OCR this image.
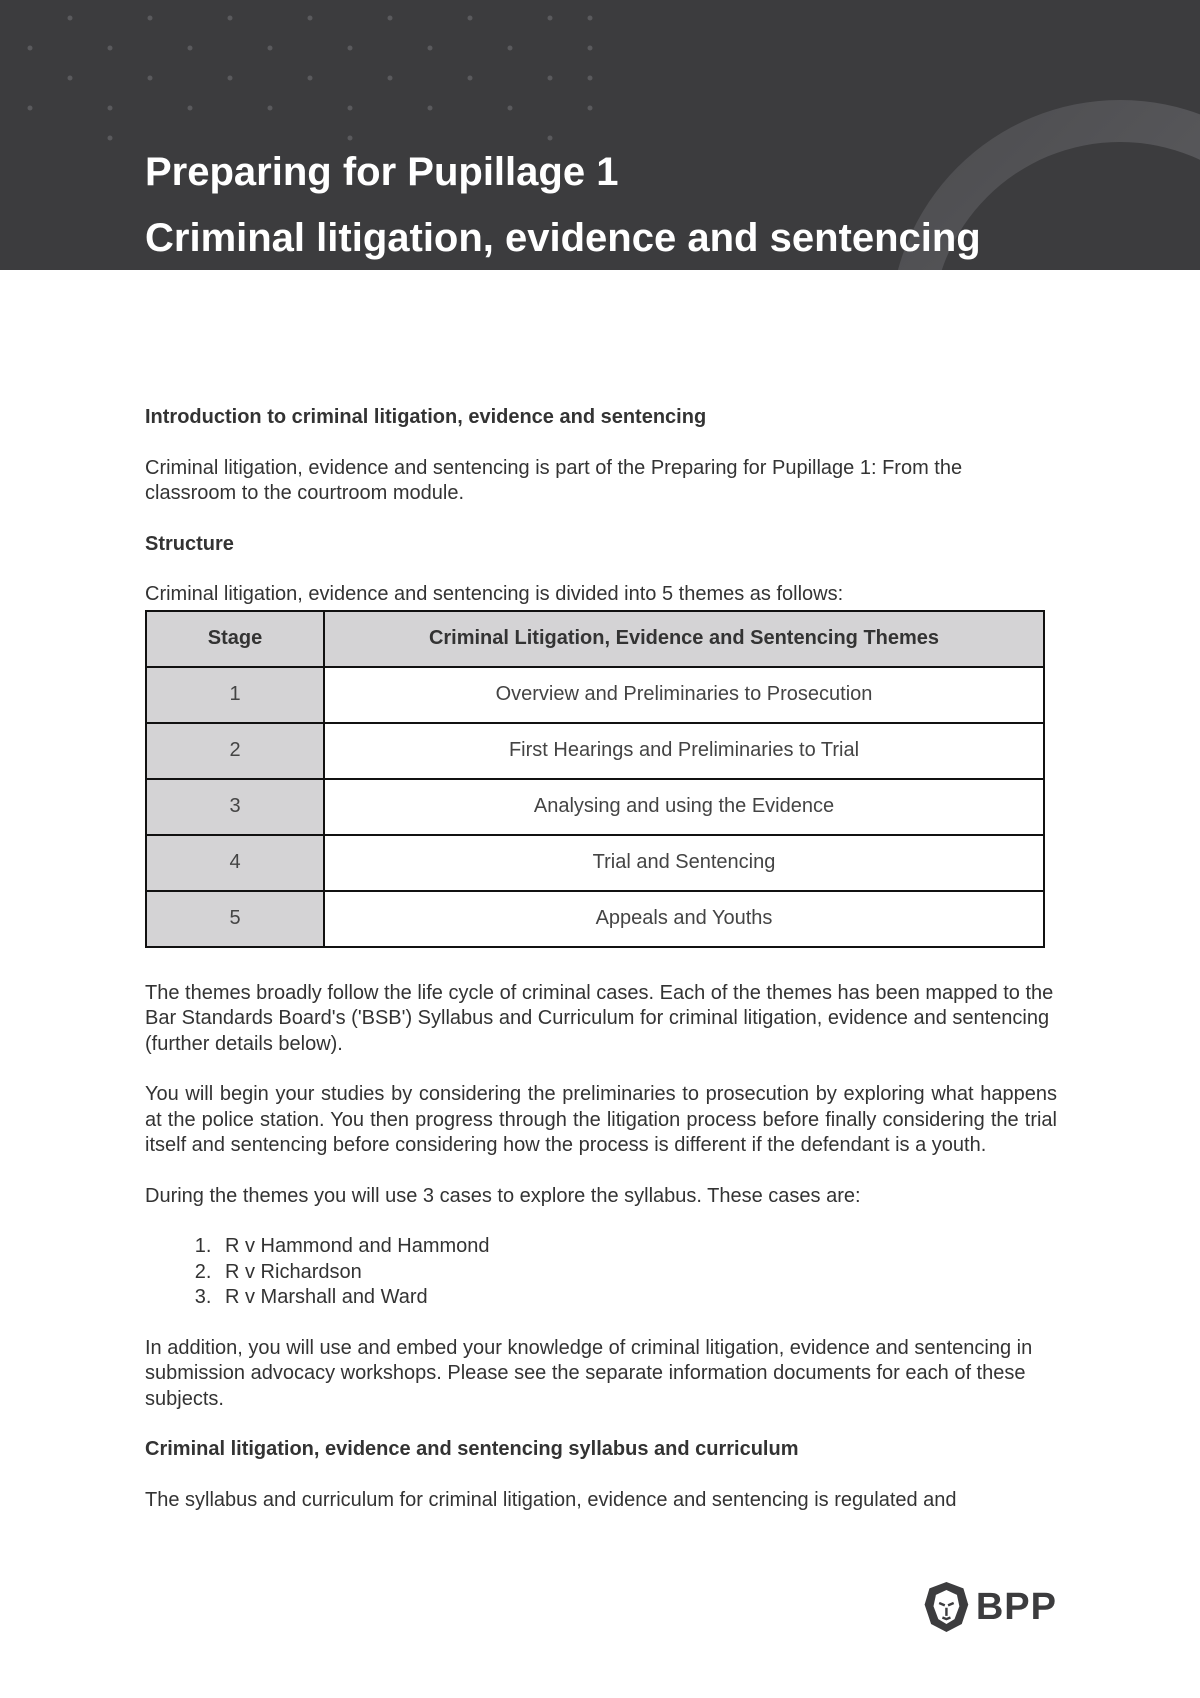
Preparing for Pupillage 1
Criminal litigation, evidence and sentencing
Introduction to criminal litigation, evidence and sentencing

Criminal litigation, evidence and sentencing is part of the Preparing for Pupillage 1: From the classroom to the courtroom module.

Structure

Criminal litigation, evidence and sentencing is divided into 5 themes as follows:

Stage	Criminal Litigation, Evidence and Sentencing Themes
1	Overview and Preliminaries to Prosecution
2	First Hearings and Preliminaries to Trial
3	Analysing and using the Evidence
4	Trial and Sentencing
5	Appeals and Youths

The themes broadly follow the life cycle of criminal cases. Each of the themes has been mapped to the Bar Standards Board's ('BSB') Syllabus and Curriculum for criminal litigation, evidence and sentencing (further details below).

You will begin your studies by considering the preliminaries to prosecution by exploring what happens at the police station. You then progress through the litigation process before finally considering the trial itself and sentencing before considering how the process is different if the defendant is a youth.

During the themes you will use 3 cases to explore the syllabus. These cases are:

1. R v Hammond and Hammond
2. R v Richardson
3. R v Marshall and Ward

In addition, you will use and embed your knowledge of criminal litigation, evidence and sentencing in submission advocacy workshops. Please see the separate information documents for each of these subjects.

Criminal litigation, evidence and sentencing syllabus and curriculum

The syllabus and curriculum for criminal litigation, evidence and sentencing is regulated and

BPP
